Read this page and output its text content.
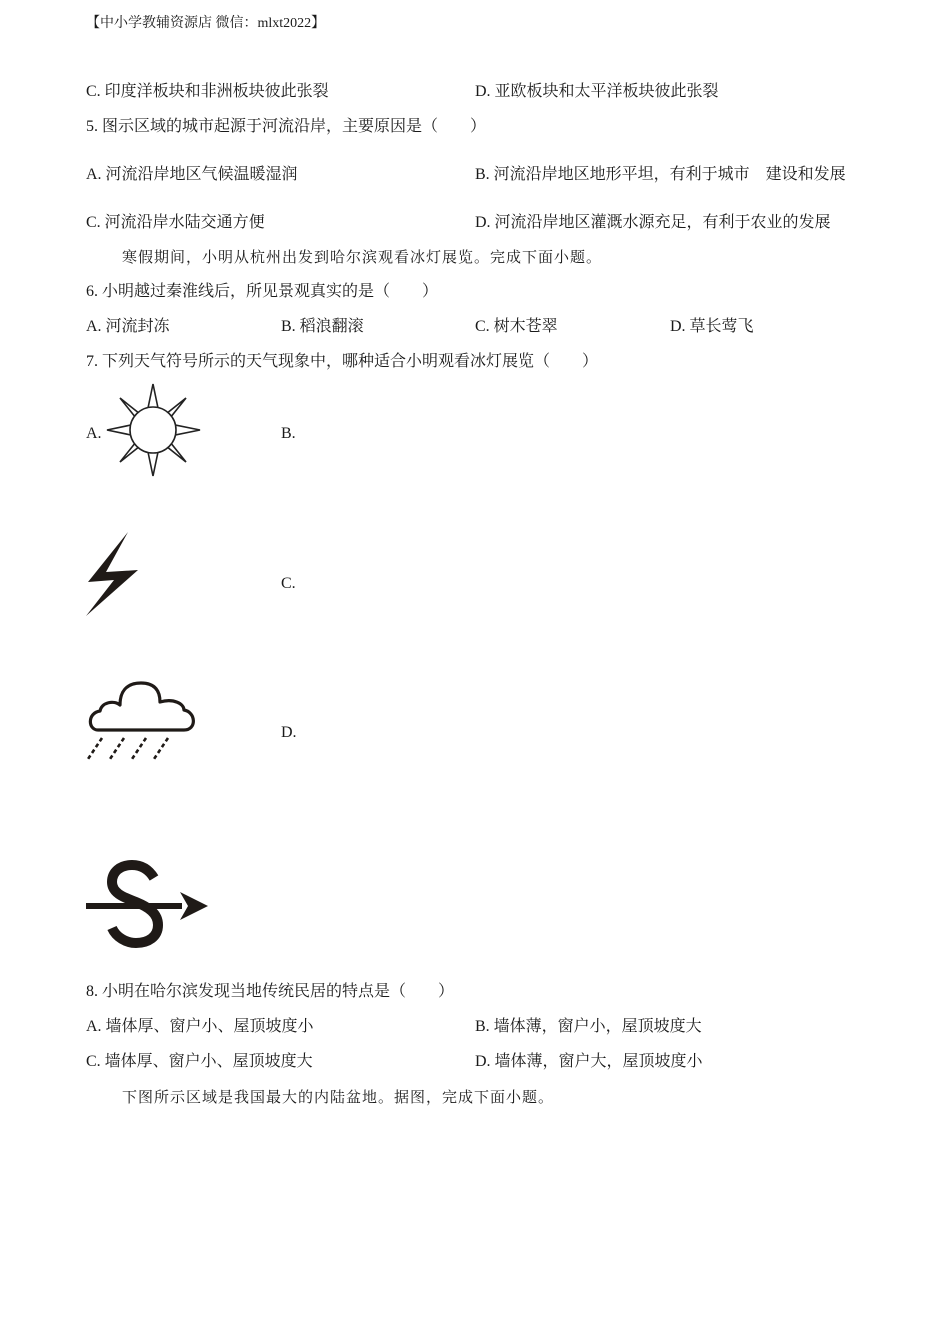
【中小学教辅资源店 微信：mlxt2022】
C. 印度洋板块和非洲板块彼此张裂	D. 亚欧板块和太平洋板块彼此张裂
5. 图示区域的城市起源于河流沿岸，主要原因是（　　）
A. 河流沿岸地区气候温暖湿润	B. 河流沿岸地区地形平坦，有利于城市　建设和发展
C. 河流沿岸水陆交通方便	D. 河流沿岸地区灌溉水源充足，有利于农业的发展
寒假期间，小明从杭州出发到哈尔滨观看冰灯展览。完成下面小题。
6. 小明越过秦淮线后，所见景观真实的是（　　）
A. 河流封冻	B. 稻浪翻滚	C. 树木苍翠	D. 草长莺飞
7. 下列天气符号所示的天气现象中，哪种适合小明观看冰灯展览（　　）
A.	B.
C.
D.
8. 小明在哈尔滨发现当地传统民居的特点是（　　）
A. 墙体厚、窗户小、屋顶坡度小	B. 墙体薄，窗户小，屋顶坡度大
C. 墙体厚、窗户小、屋顶坡度大	D. 墙体薄，窗户大，屋顶坡度小
下图所示区域是我国最大的内陆盆地。据图，完成下面小题。
